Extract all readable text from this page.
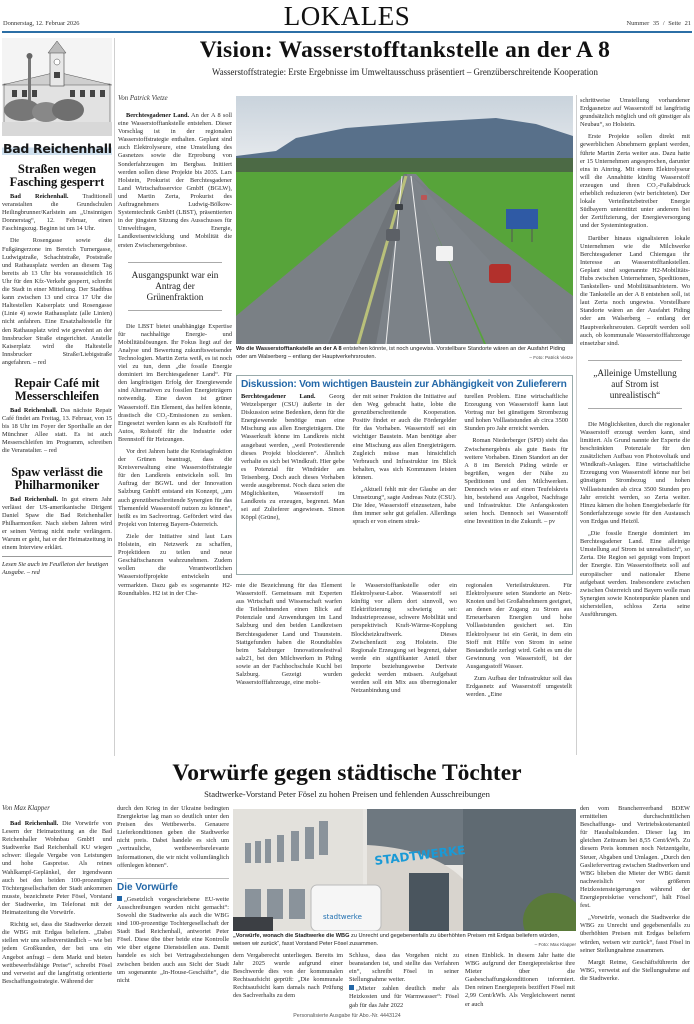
Donnerstag, 12. Februar 2026	LOKALES	Nummer 35 / Seite 21
Bad Reichenhall
Straßen wegen Fasching gesperrt

Bad Reichenhall. Traditionell veranstalten die Grundschulen Heilingbrunner/Karlstein am „Unsinnigen Donnerstag“, 12. Februar, einen Faschingszug. Beginn ist um 14 Uhr.

Die Rosengasse sowie die Fußgängerzone im Bereich Turnergasse, Ludwigstraße, Schachtstraße, Poststraße und Rathausplatz werden an diesem Tag bereits ab 13 Uhr bis voraussichtlich 16 Uhr für den Kfz-Verkehr gesperrt, schreibt die Stadt in einer Mitteilung. Der Stadtbus kann zwischen 13 und circa 17 Uhr die Haltestellen Kaiserplatz und Rosengasse (Linie 4) sowie Rathausplatz (alle Linien) nicht anfahren. Eine Ersatzhaltestelle für den Rathausplatz wird wie gewohnt an der Innsbrucker Straße eingerichtet. Anstelle Kaiserplatz wird die Haltestelle Innsbrucker Straße/Liebigstraße angefahren. – red

Repair Café mit Messerschleifen

Bad Reichenhall. Das nächste Repair Café findet am Freitag, 13. Februar, von 15 bis 18 Uhr im Foyer der Sporthalle an der Münchner Allee statt. Es ist auch Messerschleifen im Programm, schreiben die Veranstalter. – red

Spaw verlässt die Philharmoniker

Bad Reichenhall. In gut einem Jahr verlässt der US-amerikanische Dirigent Daniel Spaw die Bad Reichenhaller Philharmoniker. Nach sieben Jahren wird er seinen Vertrag nicht mehr verlängern. Warum er geht, hat er der Heimatzeitung in einem Interview erklärt.

Lesen Sie auch im Feuilleton der heutigen Ausgabe. – red
Vision: Wasserstofftankstelle an der A 8
Wasserstoffstrategie: Erste Ergebnisse im Umweltausschuss präsentiert – Grenzüberschreitende Kooperation
Von Patrick Vietze

Berchtesgadener Land. An der A 8 soll eine Wasserstofftankstelle entstehen. Dieser Vorschlag ist in der regionalen Wasserstoffstrategie enthalten. Geplant sind auch Elektrolyseure, eine Umstellung des Gasnetzes sowie die Erprobung von Sonderfahrzeugen im Bergbau. Initiiert werden sollen diese Projekte bis 2035. Lars Holstein, Prokurist der Berchtesgadener Land Wirtschaftsservice GmbH (BGLW), und Martin Zerta, Prokurist des Auftragnehmers Ludwig-Bölkow-Systemtechnik GmbH (LBST), präsentierten in der jüngsten Sitzung des Ausschusses für Umweltfragen, Energie, Landkreisentwicklung und Mobilität die ersten Zwischenergebnisse.

Ausgangspunkt war ein Antrag der Grünenfraktion

Die LBST bietet unabhängige Expertise für nachhaltige Energie- und Mobilitätslösungen. Ihr Fokus liegt auf der Analyse und Bewertung zukunftsweisender Technologien. Martin Zerta weiß, es ist noch viel zu tun, denn „die fossile Energie dominiert im Berchtesgadener Land“. Für den langfristigen Erfolg der Energiewende sind Alternativen zu fossilen Energieträgern notwendig. Eine davon ist grüner Wasserstoff. Ein Element, das helfen könnte, drastisch die CO₂-Emissionen zu senken. Eingesetzt werden kann es als Kraftstoff für Autos, Rohstoff für die Industrie oder Brennstoff für Heizungen.

Vor drei Jahren hatte die Kreistagfraktion der Grünen beantragt, dass die Kreisverwaltung eine Wasserstoffstrategie für den Landkreis entwickeln soll. Im Auftrag der BGWL und der Innovation Salzburg GmbH entstand ein Konzept, „um auch grenzüberschreitende Synergien für das Themenfeld Wasserstoff nutzen zu können“, heißt es im Sachvortrag. Gefördert wird das Projekt von Interreg Bayern-Österreich.

Ziele der Initiative sind laut Lars Holstein, ein Netzwerk zu schaffen, Projektideen zu teilen und neue Geschäftschancen wahrzunehmen. Zudem wollen die Verantwortlichen Wasserstoffprojekte entwickeln und vermarkten. Dazu gab es sogenannte H2-Roundtables. H2 ist in der Che-

Wo die Wasserstofftankstelle an der A 8 entstehen könnte, ist noch ungewiss. Vorstellbare Standorte wären an der Ausfahrt Piding oder am Walserberg – entlang der Hauptverkehrsrouten.	– Foto: Patrick Vietze
Diskussion: Vom wichtigen Baustein zur Abhängigkeit von Zulieferern

Berchtesgadener Land. Georg Wetzelsperger (CSU) äußerte in der Diskussion seine Bedenken, denn für die Energiewende benötige man eine Mischung aus allen Energieträgern. Die Wasserkraft könne im Landkreis nicht ausgebaut werden, „weil Protestierende dieses Projekt blockieren“. Ähnlich verhalte es sich bei Windkraft. Hier gebe es Potenzial für Windräder am Teisenberg. Doch auch dieses Vorhaben werde ausgebremst. Noch dazu seien die Möglichkeiten, Wasserstoff im Landkreis zu erzeugen, begrenzt. Man sei auf Zulieferer angewiesen. Simon Köppl (Grüne),

der mit seiner Fraktion die Initiative auf den Weg gebracht hatte, lobte die grenzüberschreitende Kooperation. Positiv findet er auch die Fördergelder für das Vorhaben. Wasserstoff sei ein wichtiger Baustein. Man benötige aber eine Mischung aus allen Energieträgern. Zugleich müsse man hinsichtlich Verbrauch und Infrastruktur im Blick behalten, was sich Kommunen leisten können.

„Aktuell fehlt mir der Glaube an der Umsetzung“, sagte Andreas Nutz (CSU). Die Idee, Wasserstoff einzusetzen, habe ihm immer sehr gut gefallen. Allerdings sprach er von einem struk-

turellen Problem. Eine wirtschaftliche Erzeugung von Wasserstoff kann laut Vortrag nur bei günstigem Strombezug und hohen Volllaststunden ab circa 3500 Stunden pro Jahr erreicht werden.

Roman Niederberger (SPD) sieht das Zwischenergebnis als gute Basis für weitere Vorhaben. Einen Standort an der A 8 im Bereich Piding würde er begrüßen, wegen der Nähe zu Speditionen und den Milchwerken. Dennoch wies er auf einen Teufelskreis hin, bestehend aus Angebot, Nachfrage und Infrastruktur. Die Anfangskosten seien hoch. Dennoch sei Wasserstoff eine Investition in die Zukunft. – pv

mie die Bezeichnung für das Element Wasserstoff. Gemeinsam mit Experten aus Wirtschaft und Wissenschaft warfen die Teilnehmenden einen Blick auf Potenziale und Anwendungen im Land Salzburg und den beiden Landkreisen Berchtesgadener Land und Traunstein. Stattgefunden haben die Roundtables beim Salzburger Innovationsfestival salz21, bei den Milchwerken in Piding sowie an der Fachhochschule Kuchl bei Salzburg. Gezeigt wurden Wasserstofffahrzeuge, eine mobi-

le Wasserstofftankstelle oder ein Elektrolyseur-Labor. Wasserstoff sei künftig vor allem dort sinnvoll, wo Elektrifizierung schwierig sei: Industrieprozesse, schwere Mobilität und perspektivisch Kraft-Wärme-Kopplung Blockheizkraftwerk. Dieses Zwischenfazit zog Holstein. Die Regionale Erzeugung sei begrenzt, daher werde ein signifikanter Anteil über Importe beziehungsweise Derivate gedeckt werden müssen. Aufgebaut werden soll ein Mix aus überregionaler Netzanbindung und

regionalen Verteilstrukturen. Für Elektrolyseure seien Standorte an Netz-Knoten und bei Großabnehmern geeignet, an denen der Zugang zu Strom aus Erneuerbaren Energien und hohe Volllaststunden gesichert sei. Ein Elektrolyseur ist ein Gerät, in dem ein Stoff mit Hilfe von Strom in seine Bestandteile zerlegt wird. Geht es um die Gewinnung von Wasserstoff, ist der Ausgangsstoff Wasser.

Zum Aufbau der Infrastruktur soll das Erdgasnetz auf Wasserstoff umgestellt werden. „Eine

schrittweise Umstellung vorhandener Erdgasnetze auf Wasserstoff ist langfristig grundsätzlich möglich und oft günstiger als Neubau“, so Holstein.

Erste Projekte sollen direkt mit gewerblichen Abnehmern geplant werden, führte Martin Zerta weiter aus. Dazu hatte er 15 Unternehmen angesprochen, darunter eins in Ainring. Mit einem Elektrolyseur will die Annahütte künftig Wasserstoff erzeugen und ihren CO₂-Fußabdruck erheblich reduzieren (wir berichteten). Der lokale Verteilnetzbetreiber Energie Südbayern unterstützt unter anderem bei der Zertifizierung, der Energieversorgung und der Systemintegration.

Darüber hinaus signalisieren lokale Unternehmen wie die Milchwerke Berchtesgadener Land Chiemgau ihr Interesse an Wasserstofftankstellen. Geplant sind sogenannte H2-Mobilitäts-Hubs zwischen Unternehmen, Speditionen, Tankstellen- und Mobilitätsanbietern. Wo die Tankstelle an der A 8 entstehen soll, ist laut Zerta noch ungewiss. Vorstellbare Standorte wären an der Ausfahrt Piding oder am Walserberg – entlang der Hauptverkehrsrouten. Geprüft werden soll auch, ob kommunale Wasserstofffahrzeuge einsetzbar sind.

„Alleinige Umstellung auf Strom ist unrealistisch“

Die Möglichkeiten, durch die regionaler Wasserstoff erzeugt werden kann, sind limitiert. Als Grund nannte der Experte die beschränkten Potenziale für den zusätzlichen Aufbau von Photovoltaik und Windkraft-Anlagen. Eine wirtschaftliche Erzeugung von Wasserstoff könne nur bei günstigem Strombezug und hohen Volllaststunden ab circa 3500 Stunden pro Jahr erreicht werden, so Zerta weiter. Hinzu kämen die hohen Energiebedarfe für Sonderfahrzeuge sowie für den Austausch von Erdgas und Heizöl.

„Die fossile Energie dominiert im Berchtesgadener Land. Eine alleinige Umstellung auf Strom ist unrealistisch“, so Zerta. Die Region sei geprägt vom Import der Energie. Ein Wasserstoffnetz soll auf europäischer und nationaler Ebene aufgebaut werden. Insbesondere zwischen zwischen Österreich und Bayern wolle man Synergien sowie Knotenpunkte planen und sicherstellen, schloss Zerta seine Ausführungen.

Vorwürfe gegen städtische Töchter
Stadtwerke-Vorstand Peter Fösel zu hohen Preisen und fehlenden Ausschreibungen
Von Max Klapper

Bad Reichenhall. Die Vorwürfe von Lesern der Heimatzeitung an die Bad Reichenhaller Wohnbau GmbH und Stadtwerke Bad Reichenhall KU wiegen schwer: illegale Vergabe von Leistungen und hohe Gaspreise. Als reines Wahlkampf-Geplänkel, der irgendwann auch bei den beiden 100-prozentigen Töchtergesellschaften der Stadt ankommen musste, bezeichnete Peter Fösel, Vorstand der Stadtwerke, im Telefonat mit der Heimatzeitung die Vorwürfe.

Richtig sei, dass die Stadtwerke derzeit die WBG mit Erdgas beliefern. „Dabei stellen wir uns selbstverständlich – wie bei jedem Großkunden, der bei uns ein Angebot anfragt – dem Markt und bieten wettbewerbsfähige Preise“, schreibt Fösel und verweist auf die langfristig orientierte Beschaffungsstrategie. Während der

durch den Krieg in der Ukraine bedingten Energiekrise lag man so deutlich unter den Preisen des Wettbewerbs. Genauere Lieferkonditionen geben die Stadtwerke nicht preis. Dabei handele es sich um „vertrauliche, wettbewerbsrelevante Informationen, die wir nicht vollumfänglich offenlegen können“.

Die Vorwürfe

„Gesetzlich vorgeschriebene EU-weite Ausschreibungen wurden nicht gemacht“: Sowohl die Stadtwerke als auch die WBG sind 100-prozentige Tochtergesellschaft der Stadt Bad Reichenhall, antwortet Peter Fösel. Diese übe über beide eine Kontrolle wie über eigene Dienststellen aus. Damit handele es sich bei Vertragsbeziehungen zwischen beiden auch aus Sicht der Stadt um sogenannte „In-House-Geschäfte“, die nicht

STADTWERKE
stadtwerke
„Vorwürfe, wonach die Stadtwerke die WBG zu Unrecht und gegebenenfalls zu überhöhten Preisen mit Erdgas beliefern würden, weisen wir zurück“, fasst Vorstand Peter Fösel zusammen.	– Foto: Max Klapper

dem Vergaberecht unterliegen. Bereits im Jahr 2025 wurde aufgrund einer Beschwerde dies von der kommunalen Rechtsaufsicht geprüft: „Die kommunale Rechtsaufsicht kam damals nach Prüfung des Sachverhalts zu dem

Schluss, dass das Vorgehen nicht zu beanstanden ist, und stellte das Verfahren ein“, schreibt Fösel in seiner Stellungnahme weiter.

„Mieter zahlen deutlich mehr als Heizkosten und für Warmwasser“: Fösel gab für das Jahr 2022

einen Einblick. In diesem Jahr hatte die WBG aufgrund der Energiepreiskrise ihre Mieter über die Gasbeschaffungskonditionen informiert. Den reinen Energiepreis beziffert Fösel mit 2,99 Cent/kWh. Als Vergleichswert nennt er auch

den vom Branchenverband BDEW ermittelten durchschnittlichen Beschaffungs- und Vertriebskostenanteil für Haushaltskunden. Dieser lag im gleichen Zeitraum bei 8,55 Cent/kWh. Zu diesem Preis kommen noch Netzentgelte, Steuer, Abgaben und Umlagen. „Durch den Gasliefervertrag zwischen Stadtwerken und WBG blieben die Mieter der WBG damit nachweislich vor größeren Heizkostensteigerungen während der Energiepreiskrise verschont“, hält Fösel fest.

„Vorwürfe, wonach die Stadtwerke die WBG zu Unrecht und gegebenenfalls zu überhöhten Preisen mit Erdgas beliefern würden, weisen wir zurück“, fasst Fösel in seiner Stellungnahme zusammen.

Margit Reime, Geschäftsführerin der WBG, verweist auf die Stellungnahme auf die Stadtwerke.

Personalisierte Ausgabe für Abo.-Nr. 4443124
